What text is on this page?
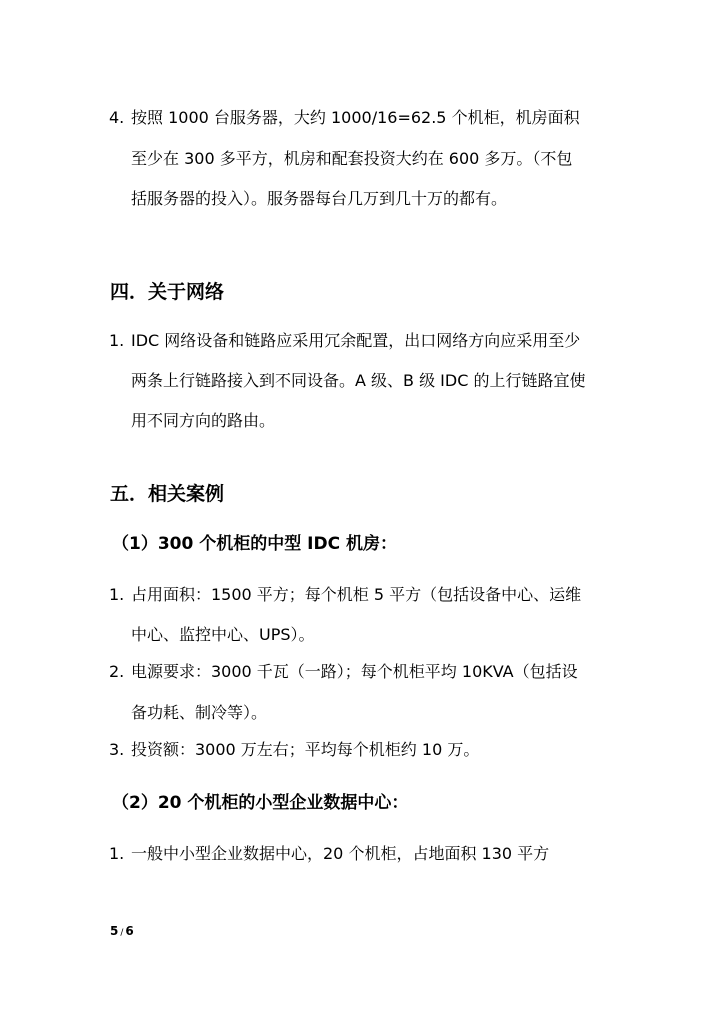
4. 按照 1000 台服务器，大约 1000/16=62.5 个机柜，机房面积
至少在 300 多平方，机房和配套投资大约在 600 多万。（不包
括服务器的投入）。服务器每台几万到几十万的都有。
四．关于网络
1. IDC 网络设备和链路应采用冗余配置，出口网络方向应采用至少
两条上行链路接入到不同设备。A 级、B 级 IDC 的上行链路宜使
用不同方向的路由。
五．相关案例
（1）300 个机柜的中型 IDC 机房：
1. 占用面积：1500 平方；每个机柜 5 平方（包括设备中心、运维
中心、监控中心、UPS）。
2. 电源要求：3000 千瓦（一路）；每个机柜平均 10KVA（包括设
备功耗、制冷等）。
3. 投资额：3000 万左右；平均每个机柜约 10 万。
（2）20 个机柜的小型企业数据中心：
1. 一般中小型企业数据中心，20 个机柜，占地面积 130 平方
5 / 6
